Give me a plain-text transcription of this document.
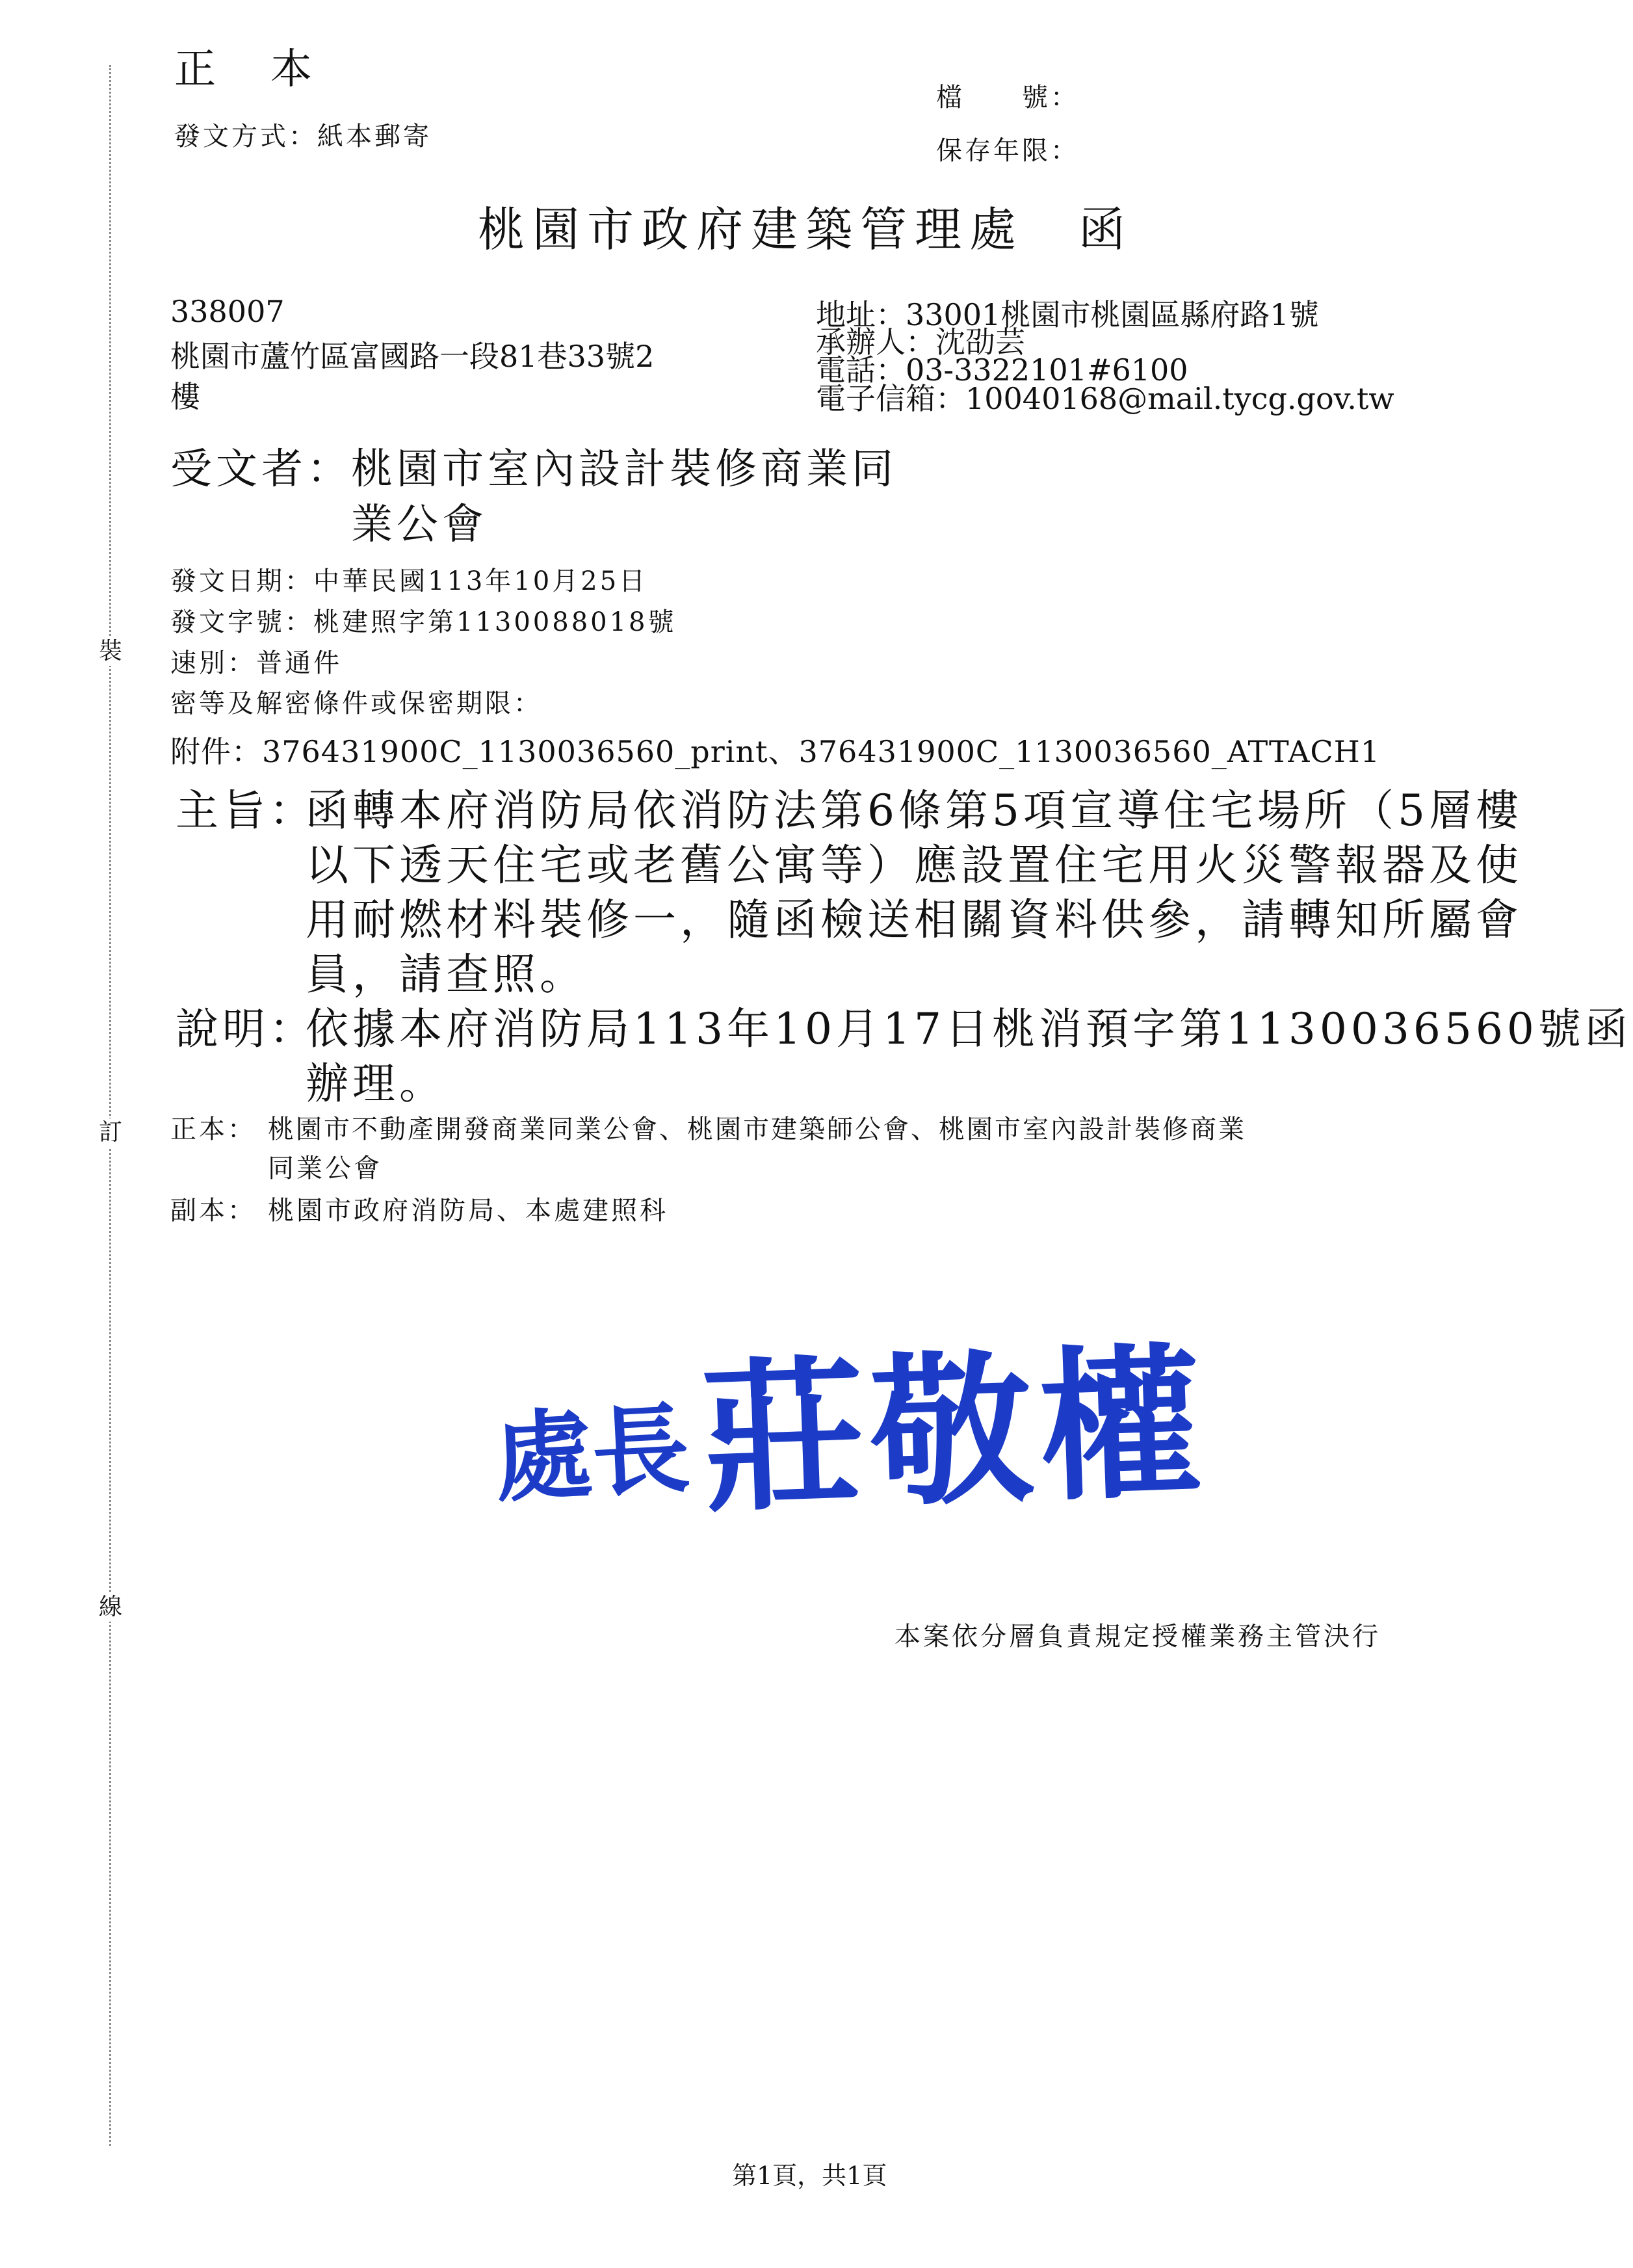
裝
訂
線
正　本
檔　　號：
發文方式：紙本郵寄	保存年限：
桃園市政府建築管理處　函
338007
桃園市蘆竹區富國路一段81巷33號2
樓
地址：33001桃園市桃園區縣府路1號
承辦人：沈劭芸
電話：03-3322101#6100
電子信箱：10040168@mail.tycg.gov.tw
受文者：
桃園市室內設計裝修商業同
業公會
發文日期：中華民國113年10月25日
發文字號：桃建照字第1130088018號
速別：普通件
密等及解密條件或保密期限：
附件：376431900C_1130036560_print、376431900C_1130036560_ATTACH1
主旨：
函轉本府消防局依消防法第6條第5項宣導住宅場所（5層樓
以下透天住宅或老舊公寓等）應設置住宅用火災警報器及使
用耐燃材料裝修一，隨函檢送相關資料供參，請轉知所屬會
員，請查照。
說明：
依據本府消防局113年10月17日桃消預字第1130036560號函
辦理。
正本： 桃園市不動產開發商業同業公會、桃園市建築師公會、桃園市室內設計裝修商業
同業公會
副本： 桃園市政府消防局、本處建照科
處長莊敬權
本案依分層負責規定授權業務主管決行
第1頁，共1頁
